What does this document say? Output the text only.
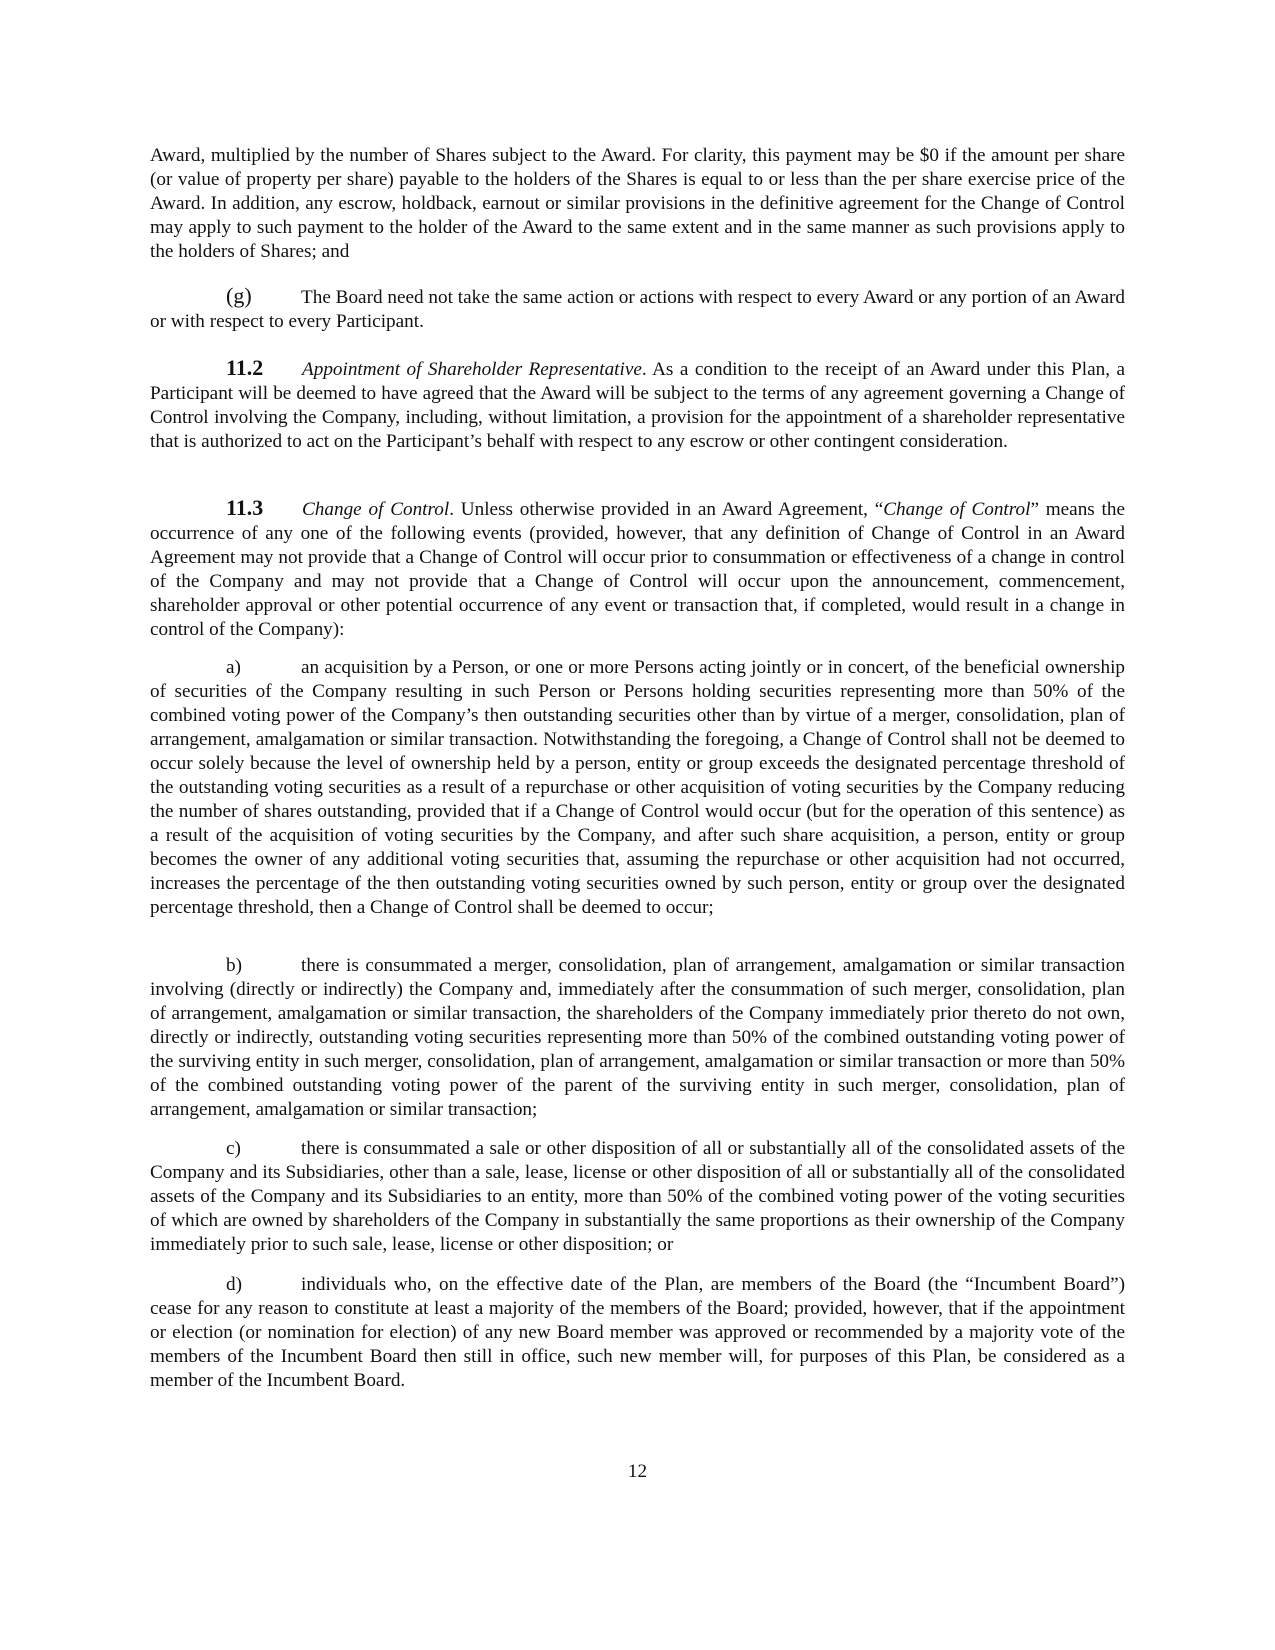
Award, multiplied by the number of Shares subject to the Award. For clarity, this payment may be $0 if the amount per share (or value of property per share) payable to the holders of the Shares is equal to or less than the per share exercise price of the Award. In addition, any escrow, holdback, earnout or similar provisions in the definitive agreement for the Change of Control may apply to such payment to the holder of the Award to the same extent and in the same manner as such provisions apply to the holders of Shares; and

(g)	The Board need not take the same action or actions with respect to every Award or any portion of an Award or with respect to every Participant.

11.2 Appointment of Shareholder Representative. As a condition to the receipt of an Award under this Plan, a Participant will be deemed to have agreed that the Award will be subject to the terms of any agreement governing a Change of Control involving the Company, including, without limitation, a provision for the appointment of a shareholder representative that is authorized to act on the Participant’s behalf with respect to any escrow or other contingent consideration.

11.3 Change of Control. Unless otherwise provided in an Award Agreement, “Change of Control” means the occurrence of any one of the following events (provided, however, that any definition of Change of Control in an Award Agreement may not provide that a Change of Control will occur prior to consummation or effectiveness of a change in control of the Company and may not provide that a Change of Control will occur upon the announcement, commencement, shareholder approval or other potential occurrence of any event or transaction that, if completed, would result in a change in control of the Company):

a)	an acquisition by a Person, or one or more Persons acting jointly or in concert, of the beneficial ownership of securities of the Company resulting in such Person or Persons holding securities representing more than 50% of the combined voting power of the Company’s then outstanding securities other than by virtue of a merger, consolidation, plan of arrangement, amalgamation or similar transaction. Notwithstanding the foregoing, a Change of Control shall not be deemed to occur solely because the level of ownership held by a person, entity or group exceeds the designated percentage threshold of the outstanding voting securities as a result of a repurchase or other acquisition of voting securities by the Company reducing the number of shares outstanding, provided that if a Change of Control would occur (but for the operation of this sentence) as a result of the acquisition of voting securities by the Company, and after such share acquisition, a person, entity or group becomes the owner of any additional voting securities that, assuming the repurchase or other acquisition had not occurred, increases the percentage of the then outstanding voting securities owned by such person, entity or group over the designated percentage threshold, then a Change of Control shall be deemed to occur;

b)	there is consummated a merger, consolidation, plan of arrangement, amalgamation or similar transaction involving (directly or indirectly) the Company and, immediately after the consummation of such merger, consolidation, plan of arrangement, amalgamation or similar transaction, the shareholders of the Company immediately prior thereto do not own, directly or indirectly, outstanding voting securities representing more than 50% of the combined outstanding voting power of the surviving entity in such merger, consolidation, plan of arrangement, amalgamation or similar transaction or more than 50% of the combined outstanding voting power of the parent of the surviving entity in such merger, consolidation, plan of arrangement, amalgamation or similar transaction;

c)	there is consummated a sale or other disposition of all or substantially all of the consolidated assets of the Company and its Subsidiaries, other than a sale, lease, license or other disposition of all or substantially all of the consolidated assets of the Company and its Subsidiaries to an entity, more than 50% of the combined voting power of the voting securities of which are owned by shareholders of the Company in substantially the same proportions as their ownership of the Company immediately prior to such sale, lease, license or other disposition; or

d)	individuals who, on the effective date of the Plan, are members of the Board (the “Incumbent Board”) cease for any reason to constitute at least a majority of the members of the Board; provided, however, that if the appointment or election (or nomination for election) of any new Board member was approved or recommended by a majority vote of the members of the Incumbent Board then still in office, such new member will, for purposes of this Plan, be considered as a member of the Incumbent Board.

12
